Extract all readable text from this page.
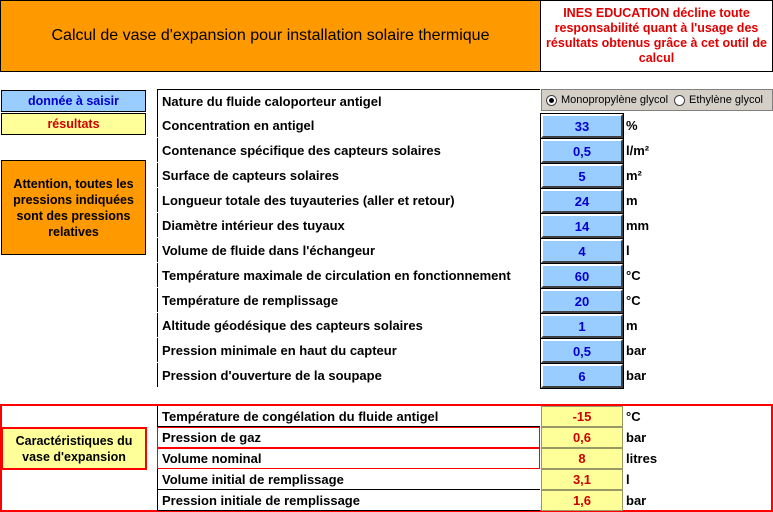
Calcul de vase d'expansion pour installation solaire thermique
INES EDUCATION décline toute responsabilité quant à l'usage des résultats obtenus grâce à cet outil de calcul
donnée à saisir
résultats
Attention, toutes les pressions indiquées sont des pressions relatives
Nature du fluide caloporteur antigel	Monopropylène glycol Ethylène glycol
Concentration en antigel	33	%
Contenance spécifique des capteurs solaires	0,5	l/m²
Surface de capteurs solaires	5	m²
Longueur totale des tuyauteries (aller et retour)	24	m
Diamètre intérieur des tuyaux	14	mm
Volume de fluide dans l'échangeur	4	l
Température maximale de circulation en fonctionnement	60	°C
Température de remplissage	20	°C
Altitude géodésique des capteurs solaires	1	m
Pression minimale en haut du capteur	0,5	bar
Pression d'ouverture de la soupape	6	bar
Caractéristiques du vase d'expansion
Température de congélation du fluide antigel	-15	°C
Pression de gaz	0,6	bar
Volume nominal	8	litres
Volume initial de remplissage	3,1	l
Pression initiale de remplissage	1,6	bar
